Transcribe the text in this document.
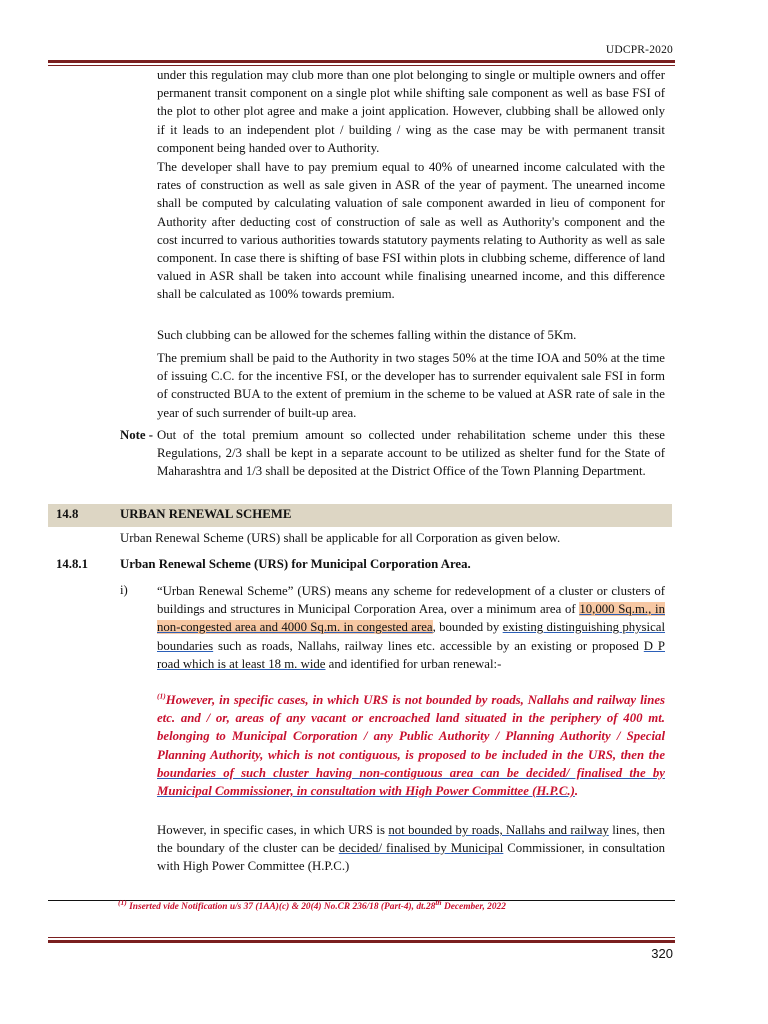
UDCPR-2020

under this regulation may club more than one plot belonging to single or multiple owners and offer permanent transit component on a single plot while shifting sale component as well as base FSI of the plot to other plot agree and make a joint application. However, clubbing shall be allowed only if it leads to an independent plot / building / wing as the case may be with permanent transit component being handed over to Authority.

The developer shall have to pay premium equal to 40% of unearned income calculated with the rates of construction as well as sale given in ASR of the year of payment. The unearned income shall be computed by calculating valuation of sale component awarded in lieu of component for Authority after deducting cost of construction of sale as well as Authority's component and the cost incurred to various authorities towards statutory payments relating to Authority as well as sale component. In case there is shifting of base FSI within plots in clubbing scheme, difference of land valued in ASR shall be taken into account while finalising unearned income, and this difference shall be calculated as 100% towards premium.

Such clubbing can be allowed for the schemes falling within the distance of 5Km.

The premium shall be paid to the Authority in two stages 50% at the time IOA and 50% at the time of issuing C.C. for the incentive FSI, or the developer has to surrender equivalent sale FSI in form of constructed BUA to the extent of premium in the scheme to be valued at ASR rate of sale in the year of such surrender of built-up area.

Note - Out of the total premium amount so collected under rehabilitation scheme under this these Regulations, 2/3 shall be kept in a separate account to be utilized as shelter fund for the State of Maharashtra and 1/3 shall be deposited at the District Office of the Town Planning Department.

14.8	URBAN RENEWAL SCHEME
Urban Renewal Scheme (URS) shall be applicable for all Corporation as given below.
14.8.1	Urban Renewal Scheme (URS) for Municipal Corporation Area.
i) “Urban Renewal Scheme” (URS) means any scheme for redevelopment of a cluster or clusters of buildings and structures in Municipal Corporation Area, over a minimum area of 10,000 Sq.m., in non-congested area and 4000 Sq.m. in congested area, bounded by existing distinguishing physical boundaries such as roads, Nallahs, railway lines etc. accessible by an existing or proposed D P road which is at least 18 m. wide and identified for urban renewal:-

$^{(1)}$However, in specific cases, in which URS is not bounded by roads, Nallahs and railway lines etc. and / or, areas of any vacant or encroached land situated in the periphery of 400 mt. belonging to Municipal Corporation / any Public Authority / Planning Authority / Special Planning Authority, which is not contiguous, is proposed to be included in the URS, then the boundaries of such cluster having non-contiguous area can be decided/ finalised the by Municipal Commissioner, in consultation with High Power Committee (H.P.C.).

However, in specific cases, in which URS is not bounded by roads, Nallahs and railway lines, then the boundary of the cluster can be decided/ finalised by Municipal Commissioner, in consultation with High Power Committee (H.P.C.)

$^{(1)}$ Inserted vide Notification u/s 37 (1AA)(c) & 20(4) No.CR 236/18 (Part-4), dt.28th December, 2022
320
